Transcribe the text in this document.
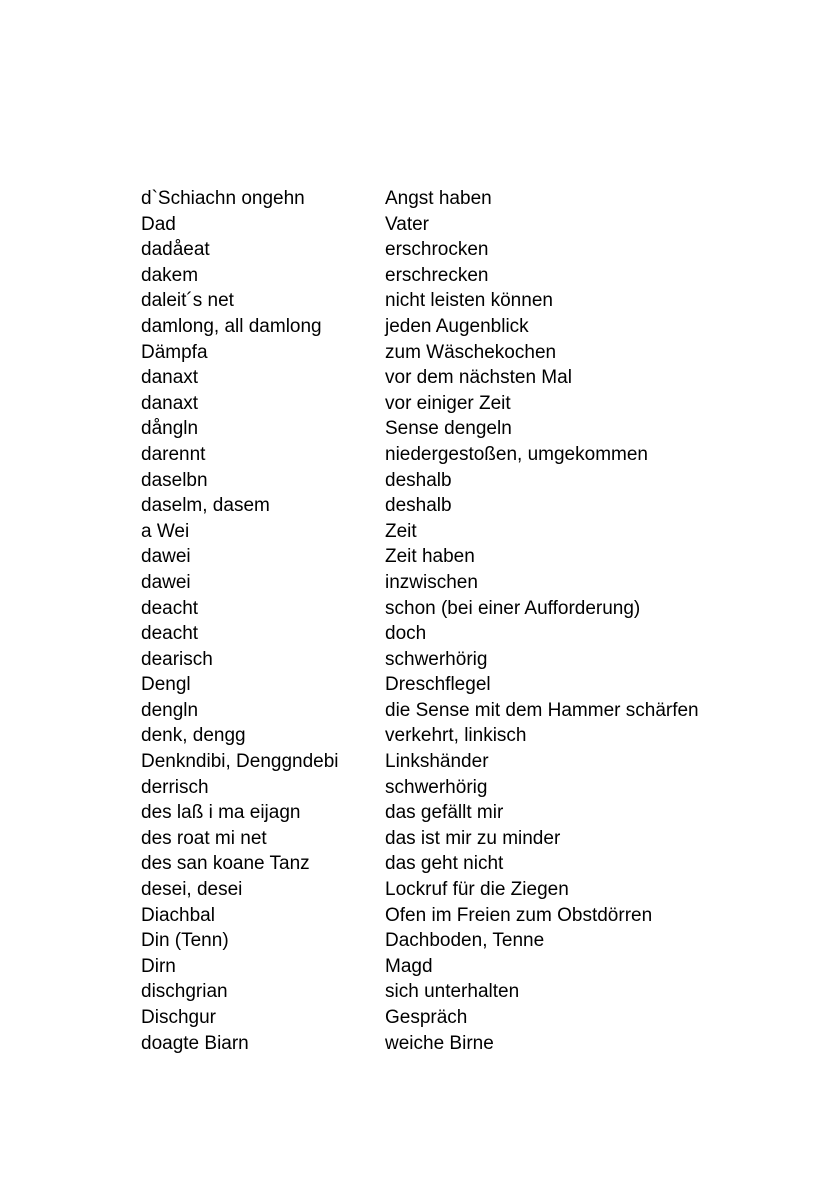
d`Schiachn ongehn	Angst haben
Dad	Vater
dadåeat	erschrocken
dakem	erschrecken
daleit´s net	nicht leisten können
damlong, all damlong	jeden Augenblick
Dämpfa	zum Wäschekochen
danaxt	vor dem nächsten Mal
danaxt	vor einiger Zeit
dångln	Sense dengeln
darennt	niedergestoßen, umgekommen
daselbn	deshalb
daselm, dasem	deshalb
a Wei	Zeit
dawei	Zeit haben
dawei	inzwischen
deacht	schon (bei einer Aufforderung)
deacht	doch
dearisch	schwerhörig
Dengl	Dreschflegel
dengln	die Sense mit dem Hammer schärfen
denk, dengg	verkehrt, linkisch
Denkndibi, Denggndebi	Linkshänder
derrisch	schwerhörig
des laß i ma eijagn	das gefällt mir
des roat mi net	das ist mir zu minder
des san koane Tanz	das geht nicht
desei, desei	Lockruf für die Ziegen
Diachbal	Ofen im Freien zum Obstdörren
Din (Tenn)	Dachboden, Tenne
Dirn	Magd
dischgrian	sich unterhalten
Dischgur	Gespräch
doagte Biarn	weiche Birne
